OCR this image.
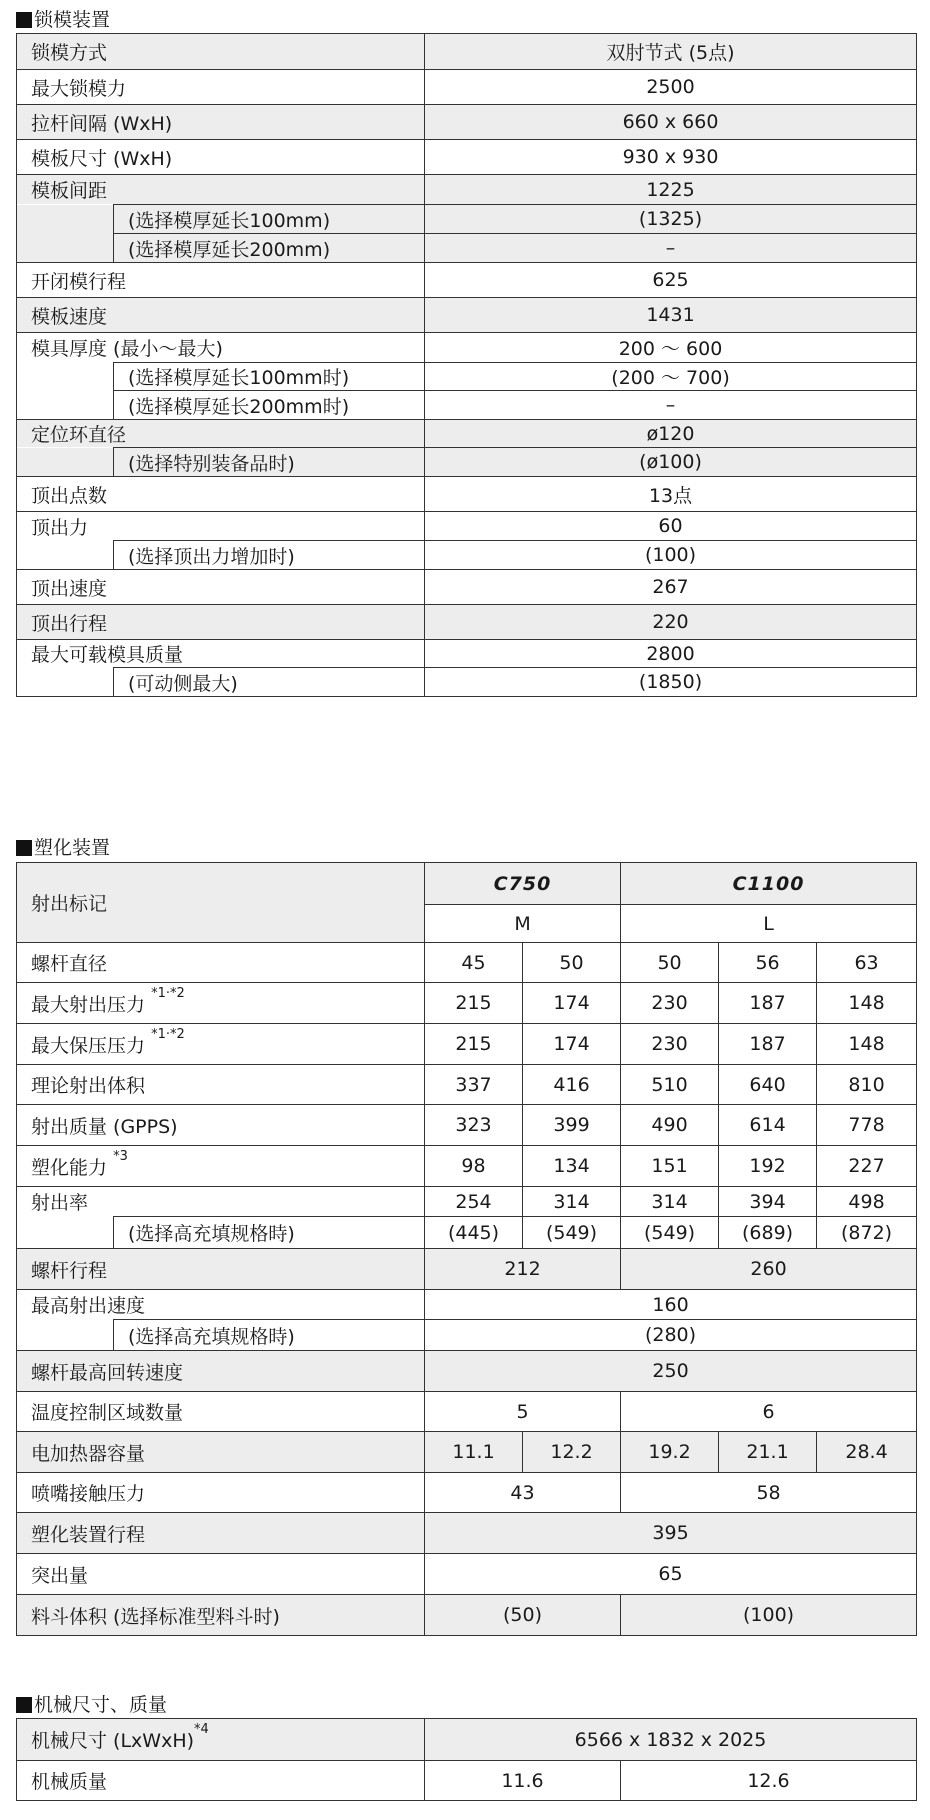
锁模装置
锁模方式		双肘节式 (5点)
最大锁模力		2500
拉杆间隔 (WxH)		660 x 660
模板尺寸 (WxH)		930 x 930
模板间距		1225
	(选择模厚延长100mm)	(1325)
	(选择模厚延长200mm)	–
开闭模行程		625
模板速度		1431
模具厚度 (最小～最大)		200 ～ 600
	(选择模厚延长100mm时)	(200 ～ 700)
	(选择模厚延长200mm时)	–
定位环直径		ø120
	(选择特别装备品时)	(ø100)
顶出点数		13点
顶出力		60
	(选择顶出力增加时)	(100)
顶出速度		267
顶出行程		220
最大可载模具质量		2800
	(可动侧最大)	(1850)
塑化装置
射出标记		C750		C1100		
		M		L		
螺杆直径		45	50	50	56	63
最大射出压力 $^{*1\cdot*2}$		215	174	230	187	148
最大保压压力 $^{*1\cdot*2}$		215	174	230	187	148
理论射出体积		337	416	510	640	810
射出质量 (GPPS)		323	399	490	614	778
塑化能力 $^{*3}$		98	134	151	192	227
射出率		254	314	314	394	498
	(选择高充填规格時)	(445)	(549)	(549)	(689)	(872)
螺杆行程		212		260		
最高射出速度		160				
	(选择高充填规格時)	(280)				
螺杆最高回转速度		250				
温度控制区域数量		5		6		
电加热器容量		11.1	12.2	19.2	21.1	28.4
喷嘴接触压力		43		58		
塑化装置行程		395				
突出量		65				
料斗体积 (选择标准型料斗时)		(50)		(100)		
机械尺寸、质量
机械尺寸 (LxWxH)$^{*4}$	6566 x 1832 x 2025	
机械质量	11.6	12.6
